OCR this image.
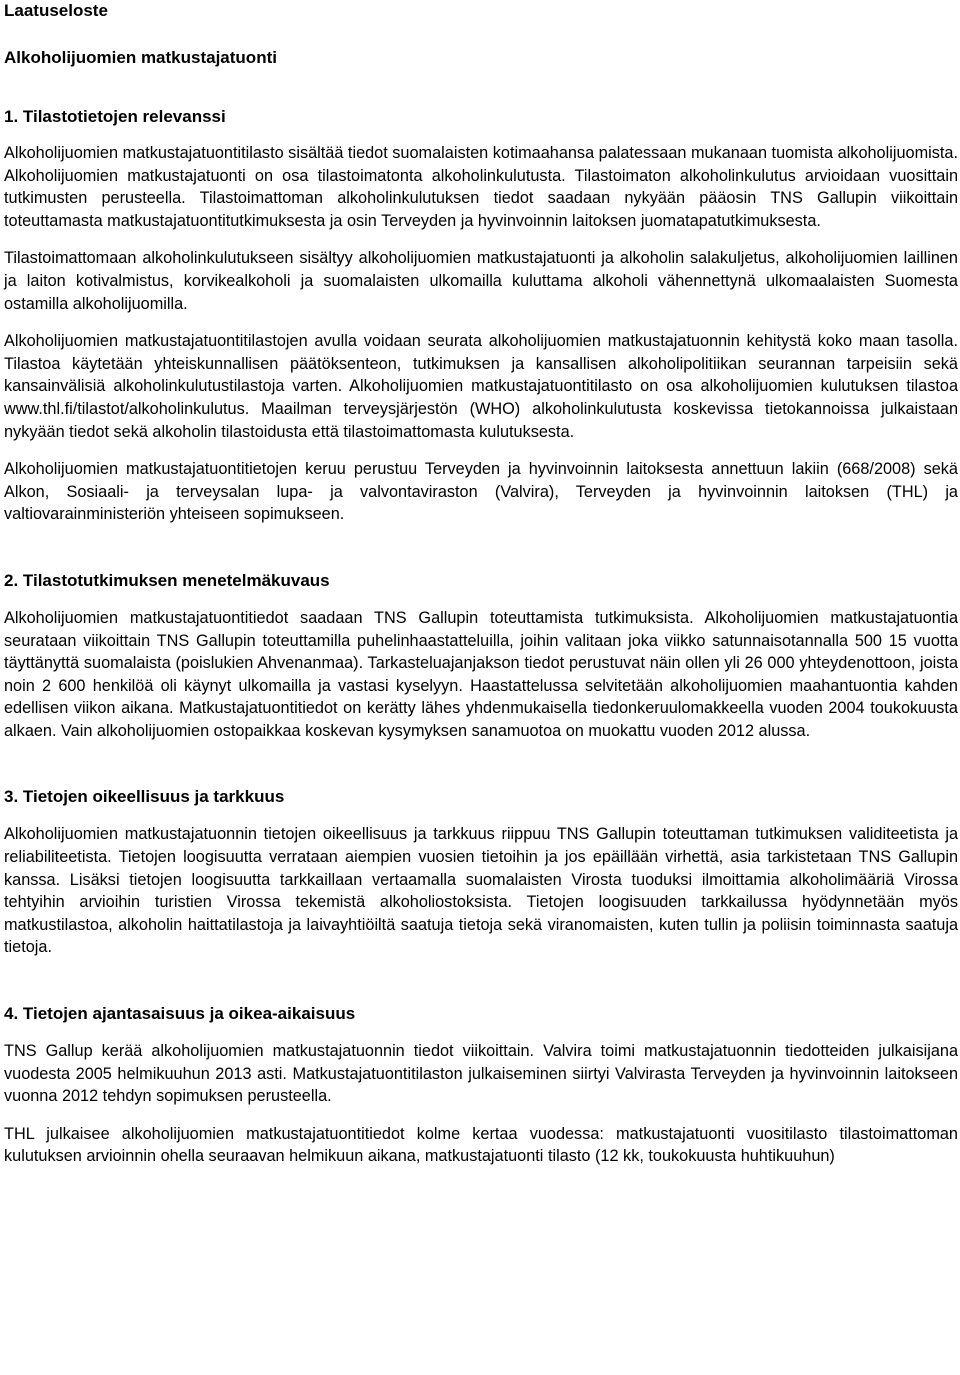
Laatuseloste
Alkoholijuomien matkustajatuonti
1. Tilastotietojen relevanssi

Alkoholijuomien matkustajatuontitilasto sisältää tiedot suomalaisten kotimaahansa palatessaan mukanaan tuomista alkoholijuomista. Alkoholijuomien matkustajatuonti on osa tilastoimatonta alkoholinkulutusta. Tilastoimaton alkoholinkulutus arvioidaan vuosittain tutkimusten perusteella. Tilastoimattoman alkoholinkulutuksen tiedot saadaan nykyään pääosin TNS Gallupin viikoittain toteuttamasta matkustajatuontitutkimuksesta ja osin Terveyden ja hyvinvoinnin laitoksen juomatapatutkimuksesta.

Tilastoimattomaan alkoholinkulutukseen sisältyy alkoholijuomien matkustajatuonti ja alkoholin salakuljetus, alkoholijuomien laillinen ja laiton kotivalmistus, korvikealkoholi ja suomalaisten ulkomailla kuluttama alkoholi vähennettynä ulkomaalaisten Suomesta ostamilla alkoholijuomilla.

Alkoholijuomien matkustajatuontitilastojen avulla voidaan seurata alkoholijuomien matkustajatuonnin kehitystä koko maan tasolla. Tilastoa käytetään yhteiskunnallisen päätöksenteon, tutkimuksen ja kansallisen alkoholipolitiikan seurannan tarpeisiin sekä kansainvälisiä alkoholinkulutustilastoja varten. Alkoholijuomien matkustajatuontitilasto on osa alkoholijuomien kulutuksen tilastoa www.thl.fi/tilastot/alkoholinkulutus. Maailman terveysjärjestön (WHO) alkoholinkulutusta koskevissa tietokannoissa julkaistaan nykyään tiedot sekä alkoholin tilastoidusta että tilastoimattomasta kulutuksesta.

Alkoholijuomien matkustajatuontitietojen keruu perustuu Terveyden ja hyvinvoinnin laitoksesta annettuun lakiin (668/2008) sekä Alkon, Sosiaali- ja terveysalan lupa- ja valvontaviraston (Valvira), Terveyden ja hyvinvoinnin laitoksen (THL) ja valtiovarainministeriön yhteiseen sopimukseen.

2. Tilastotutkimuksen menetelmäkuvaus

Alkoholijuomien matkustajatuontitiedot saadaan TNS Gallupin toteuttamista tutkimuksista. Alkoholijuomien matkustajatuontia seurataan viikoittain TNS Gallupin toteuttamilla puhelinhaastatteluilla, joihin valitaan joka viikko satunnaisotannalla 500 15 vuotta täyttänyttä suomalaista (poislukien Ahvenanmaa). Tarkasteluajanjakson tiedot perustuvat näin ollen yli 26 000 yhteydenottoon, joista noin 2 600 henkilöä oli käynyt ulkomailla ja vastasi kyselyyn. Haastattelussa selvitetään alkoholijuomien maahantuontia kahden edellisen viikon aikana. Matkustajatuontitiedot on kerätty lähes yhdenmukaisella tiedonkeruulomakkeella vuoden 2004 toukokuusta alkaen. Vain alkoholijuomien ostopaikkaa koskevan kysymyksen sanamuotoa on muokattu vuoden 2012 alussa.

3. Tietojen oikeellisuus ja tarkkuus

Alkoholijuomien matkustajatuonnin tietojen oikeellisuus ja tarkkuus riippuu TNS Gallupin toteuttaman tutkimuksen validiteetista ja reliabiliteetista. Tietojen loogisuutta verrataan aiempien vuosien tietoihin ja jos epäillään virhettä, asia tarkistetaan TNS Gallupin kanssa. Lisäksi tietojen loogisuutta tarkkaillaan vertaamalla suomalaisten Virosta tuoduksi ilmoittamia alkoholimääriä Virossa tehtyihin arvioihin turistien Virossa tekemistä alkoholiostoksista. Tietojen loogisuuden tarkkailussa hyödynnetään myös matkustilastoa, alkoholin haittatilastoja ja laivayhtiöiltä saatuja tietoja sekä viranomaisten, kuten tullin ja poliisin toiminnasta saatuja tietoja.

4. Tietojen ajantasaisuus ja oikea-aikaisuus

TNS Gallup kerää alkoholijuomien matkustajatuonnin tiedot viikoittain. Valvira toimi matkustajatuonnin tiedotteiden julkaisijana vuodesta 2005 helmikuuhun 2013 asti. Matkustajatuontitilaston julkaiseminen siirtyi Valvirasta Terveyden ja hyvinvoinnin laitokseen vuonna 2012 tehdyn sopimuksen perusteella.

THL julkaisee alkoholijuomien matkustajatuontitiedot kolme kertaa vuodessa: matkustajatuonti vuositilasto tilastoimattoman kulutuksen arvioinnin ohella seuraavan helmikuun aikana, matkustajatuonti tilasto (12 kk, toukokuusta huhtikuuhun)
